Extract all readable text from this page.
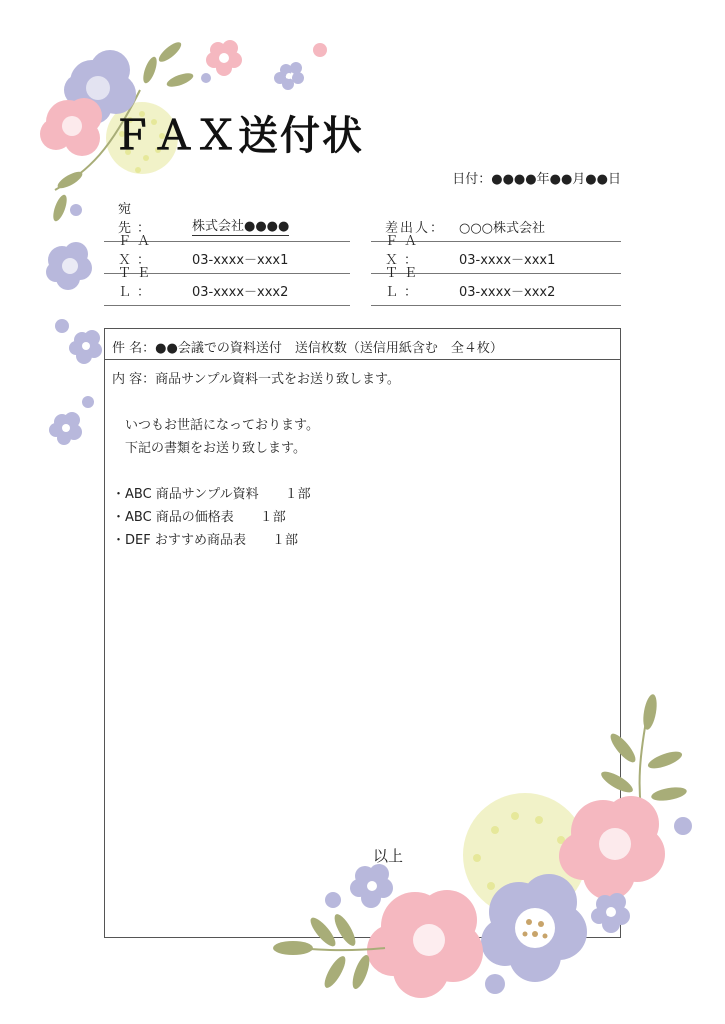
ＦＡＸ送付状
日付：●●●●年●●月●●日
宛　先：	株式会社●●●●
ＦＡＸ：	03-xxxx－xxx1
ＴＥＬ：	03-xxxx－xxx2
差出人：	○○○株式会社
ＦＡＸ：	03-xxxx－xxx1
ＴＥＬ：	03-xxxx－xxx2
件 名：●●会議での資料送付　送信枚数（送信用紙含む　全４枚）
内 容：商品サンプル資料一式をお送り致します。
　いつもお世話になっております。
　下記の書類をお送り致します。
・ABC 商品サンプル資料　　１部
・ABC 商品の価格表　　１部
・DEF おすすめ商品表　　１部
以上
